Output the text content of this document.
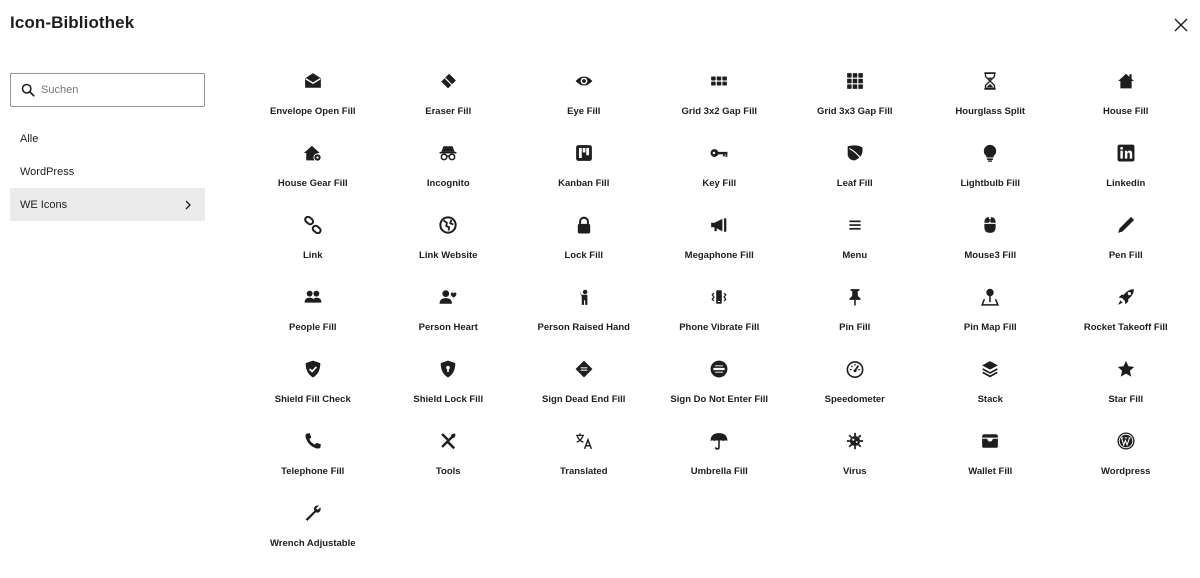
Icon-Bibliothek
Suchen
Alle
WordPress
WE Icons
Envelope Open Fill	Eraser Fill	Eye Fill	Grid 3x2 Gap Fill	Grid 3x3 Gap Fill	Hourglass Split	House Fill
House Gear Fill	Incognito	Kanban Fill	Key Fill	Leaf Fill	Lightbulb Fill	Linkedin
Link	Link Website	Lock Fill	Megaphone Fill	Menu	Mouse3 Fill	Pen Fill
People Fill	Person Heart	Person Raised Hand	Phone Vibrate Fill	Pin Fill	Pin Map Fill	Rocket Takeoff Fill
Shield Fill Check	Shield Lock Fill	Sign Dead End Fill	Sign Do Not Enter Fill	Speedometer	Stack	Star Fill
Telephone Fill	Tools	Translated	Umbrella Fill	Virus	Wallet Fill	Wordpress
Wrench Adjustable
